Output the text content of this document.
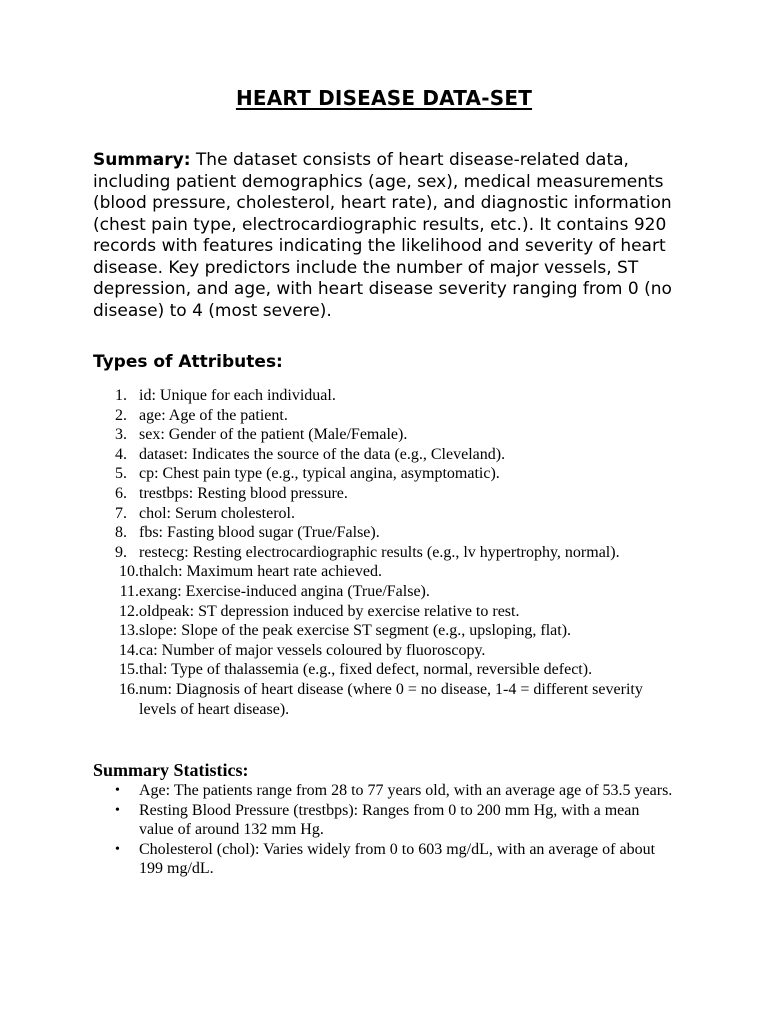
HEART DISEASE DATA-SET

Summary: The dataset consists of heart disease-related data, including patient demographics (age, sex), medical measurements (blood pressure, cholesterol, heart rate), and diagnostic information (chest pain type, electrocardiographic results, etc.). It contains 920 records with features indicating the likelihood and severity of heart disease. Key predictors include the number of major vessels, ST depression, and age, with heart disease severity ranging from 0 (no disease) to 4 (most severe).

Types of Attributes:
1. id: Unique for each individual.
2. age: Age of the patient.
3. sex: Gender of the patient (Male/Female).
4. dataset: Indicates the source of the data (e.g., Cleveland).
5. cp: Chest pain type (e.g., typical angina, asymptomatic).
6. trestbps: Resting blood pressure.
7. chol: Serum cholesterol.
8. fbs: Fasting blood sugar (True/False).
9. restecg: Resting electrocardiographic results (e.g., lv hypertrophy, normal).
10. thalch: Maximum heart rate achieved.
11. exang: Exercise-induced angina (True/False).
12. oldpeak: ST depression induced by exercise relative to rest.
13. slope: Slope of the peak exercise ST segment (e.g., upsloping, flat).
14. ca: Number of major vessels coloured by fluoroscopy.
15. thal: Type of thalassemia (e.g., fixed defect, normal, reversible defect).
16. num: Diagnosis of heart disease (where 0 = no disease, 1-4 = different severity levels of heart disease).
Summary Statistics:
•	Age: The patients range from 28 to 77 years old, with an average age of 53.5 years.
•	Resting Blood Pressure (trestbps): Ranges from 0 to 200 mm Hg, with a mean value of around 132 mm Hg.
•	Cholesterol (chol): Varies widely from 0 to 603 mg/dL, with an average of about 199 mg/dL.
